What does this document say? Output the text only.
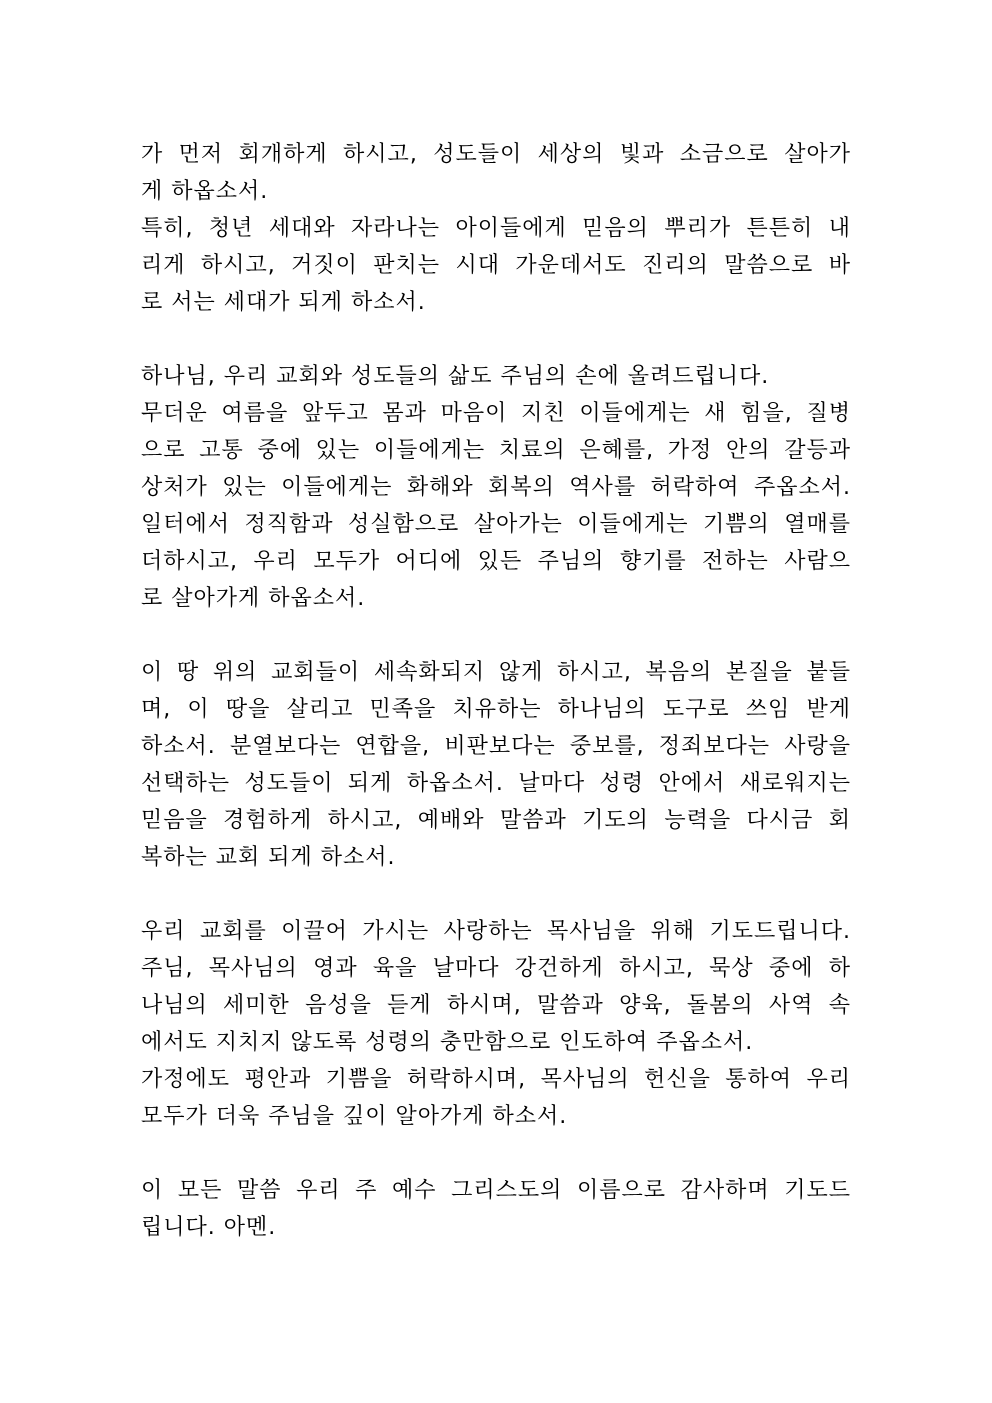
가 먼저 회개하게 하시고, 성도들이 세상의 빛과 소금으로 살아가
게 하옵소서.
특히, 청년 세대와 자라나는 아이들에게 믿음의 뿌리가 튼튼히 내
리게 하시고, 거짓이 판치는 시대 가운데서도 진리의 말씀으로 바
로 서는 세대가 되게 하소서.
하나님, 우리 교회와 성도들의 삶도 주님의 손에 올려드립니다.
무더운 여름을 앞두고 몸과 마음이 지친 이들에게는 새 힘을, 질병
으로 고통 중에 있는 이들에게는 치료의 은혜를, 가정 안의 갈등과
상처가 있는 이들에게는 화해와 회복의 역사를 허락하여 주옵소서.
일터에서 정직함과 성실함으로 살아가는 이들에게는 기쁨의 열매를
더하시고, 우리 모두가 어디에 있든 주님의 향기를 전하는 사람으
로 살아가게 하옵소서.
이 땅 위의 교회들이 세속화되지 않게 하시고, 복음의 본질을 붙들
며, 이 땅을 살리고 민족을 치유하는 하나님의 도구로 쓰임 받게
하소서. 분열보다는 연합을, 비판보다는 중보를, 정죄보다는 사랑을
선택하는 성도들이 되게 하옵소서. 날마다 성령 안에서 새로워지는
믿음을 경험하게 하시고, 예배와 말씀과 기도의 능력을 다시금 회
복하는 교회 되게 하소서.
우리 교회를 이끌어 가시는 사랑하는 목사님을 위해 기도드립니다.
주님, 목사님의 영과 육을 날마다 강건하게 하시고, 묵상 중에 하
나님의 세미한 음성을 듣게 하시며, 말씀과 양육, 돌봄의 사역 속
에서도 지치지 않도록 성령의 충만함으로 인도하여 주옵소서.
가정에도 평안과 기쁨을 허락하시며, 목사님의 헌신을 통하여 우리
모두가 더욱 주님을 깊이 알아가게 하소서.
이 모든 말씀 우리 주 예수 그리스도의 이름으로 감사하며 기도드
립니다. 아멘.
